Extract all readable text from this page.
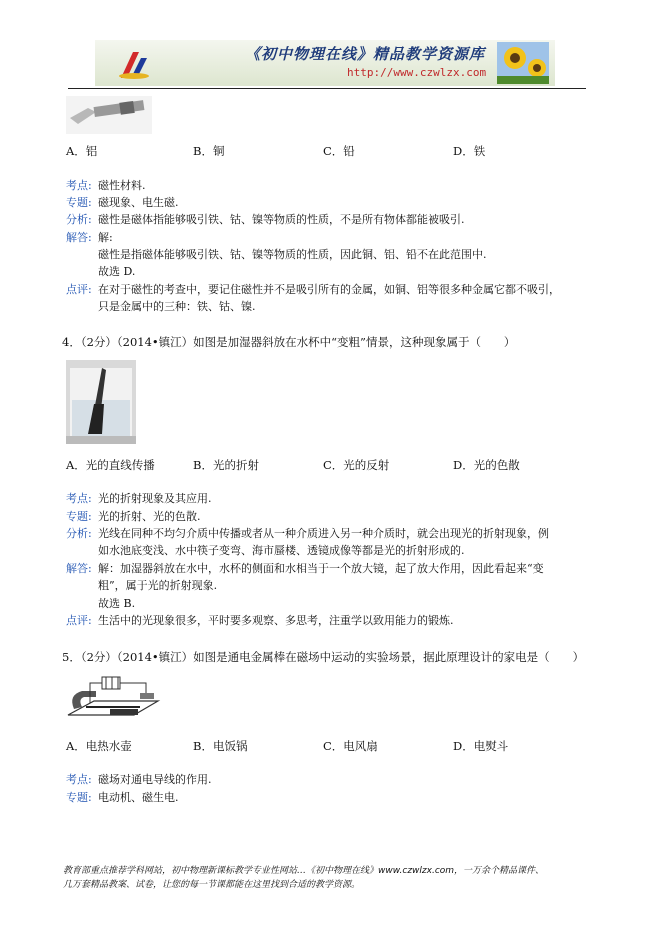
《初中物理在线》精品教学资源库
http://www.czwlzx.com
A．铝	B．铜	C．铅	D．铁
考点: 磁性材料.
专题: 磁现象、电生磁.
分析: 磁性是磁体指能够吸引铁、钴、镍等物质的性质，不是所有物体都能被吸引.
解答: 解:
磁性是指磁体能够吸引铁、钴、镍等物质的性质，因此铜、铝、铅不在此范围中.
故选 D.
点评: 在对于磁性的考查中，要记住磁性并不是吸引所有的金属，如铜、铝等很多种金属它都不吸引，
只是金属中的三种：铁、钴、镍.
4．（2分）（2014•镇江）如图是加湿器斜放在水杯中“变粗”情景，这种现象属于（　　）
A．光的直线传播	B．光的折射	C．光的反射	D．光的色散
考点: 光的折射现象及其应用.
专题: 光的折射、光的色散.
分析: 光线在同种不均匀介质中传播或者从一种介质进入另一种介质时，就会出现光的折射现象，例
如水池底变浅、水中筷子变弯、海市蜃楼、透镜成像等都是光的折射形成的.
解答: 解：加湿器斜放在水中，水杯的侧面和水相当于一个放大镜，起了放大作用，因此看起来“变
粗”，属于光的折射现象.
故选 B.
点评: 生活中的光现象很多，平时要多观察、多思考，注重学以致用能力的锻炼.
5．（2分）（2014•镇江）如图是通电金属棒在磁场中运动的实验场景，据此原理设计的家电是（　　）
A．电热水壶	B．电饭锅	C．电风扇	D．电熨斗
考点: 磁场对通电导线的作用.
专题: 电动机、磁生电.
教育部重点推荐学科网站，初中物理新课标教学专业性网站…《初中物理在线》www.czwlzx.com，一万余个精品课件、
几万套精品教案、试卷，让您的每一节课都能在这里找到合适的教学资源。
